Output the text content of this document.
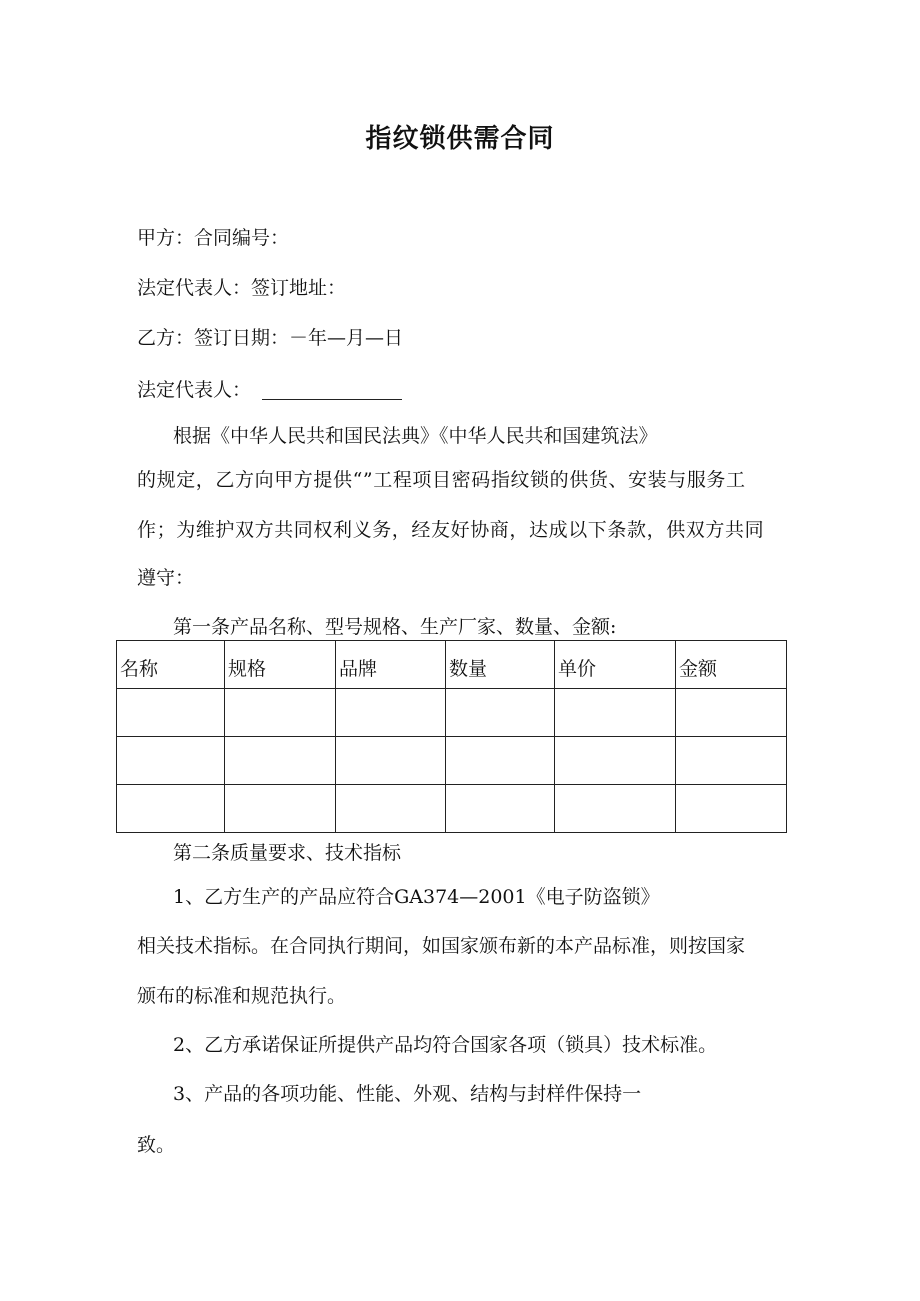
指纹锁供需合同

甲方：合同编号：

法定代表人：签订地址：

乙方：签订日期：－年—月—日

法定代表人：

根据《中华人民共和国民法典》《中华人民共和国建筑法》

的规定，乙方向甲方提供“”工程项目密码指纹锁的供货、安装与服务工

作；为维护双方共同权利义务，经友好协商，达成以下条款，供双方共同

遵守：

第一条产品名称、型号规格、生产厂家、数量、金额:

名称	规格	品牌	数量	单价	金额

第二条质量要求、技术指标

1、乙方生产的产品应符合GA374—2001《电子防盗锁》

相关技术指标。在合同执行期间，如国家颁布新的本产品标准，则按国家

颁布的标准和规范执行。

2、乙方承诺保证所提供产品均符合国家各项（锁具）技术标准。

3、产品的各项功能、性能、外观、结构与封样件保持一

致。
